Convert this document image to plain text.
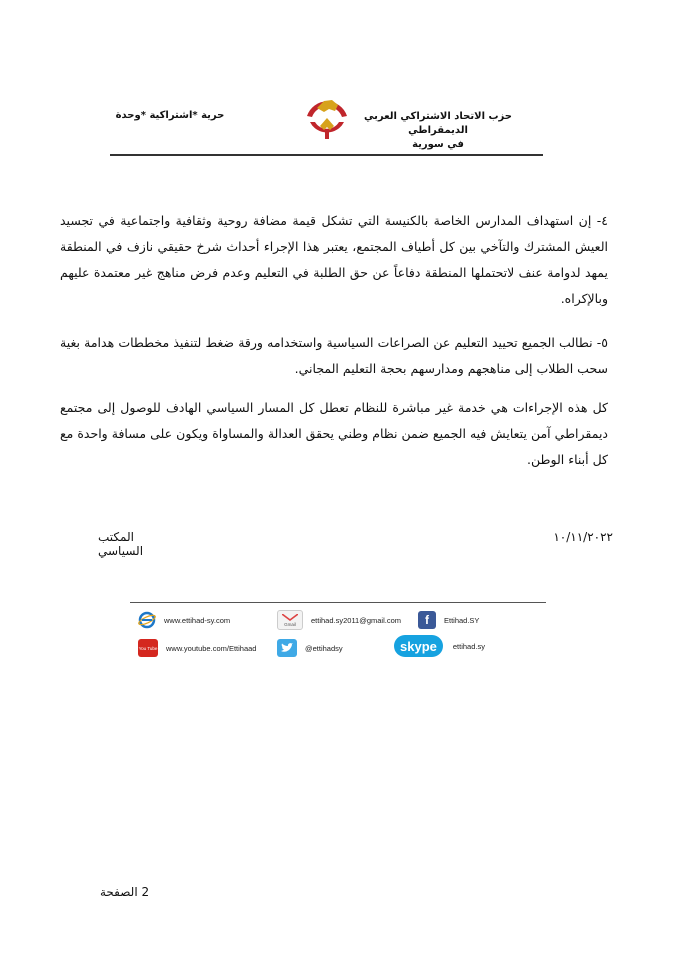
حزب الاتحاد الاشتراكي العربي الديمقراطي
في سورية
حرية *اشتراكية *وحدة
٤- إن استهداف المدارس الخاصة بالكنيسة التي تشكل قيمة مضافة روحية وثقافية واجتماعية في تجسيد العيش المشترك والتآخي بين كل أطياف المجتمع، يعتبر هذا الإجراء أحداث شرخ حقيقي نازف في المنطقة يمهد لدوامة عنف لاتحتملها المنطقة دفاعاً عن حق الطلبة في التعليم وعدم فرض مناهج غير معتمدة عليهم وبالإكراه.
٥- نطالب الجميع تحييد التعليم عن الصراعات السياسية واستخدامه ورقة ضغط لتنفيذ مخططات هدامة بغية سحب الطلاب إلى مناهجهم ومدارسهم بحجة التعليم المجاني.
كل هذه الإجراءات هي خدمة غير مباشرة للنظام تعطل كل المسار السياسي الهادف للوصول إلى مجتمع ديمقراطي آمن يتعايش فيه الجميع ضمن نظام وطني يحقق العدالة والمساواة ويكون على مسافة واحدة مع كل أبناء الوطن.
١٠/١١/٢٠٢٢
المكتب السياسي
www.ettihad-sy.com	Gmail ettihad.sy2011@gmail.com	f	Ettihad.SY
You Tube www.youtube.com/Ettihaad	@ettihadsy	skype ettihad.sy
2 الصفحة
